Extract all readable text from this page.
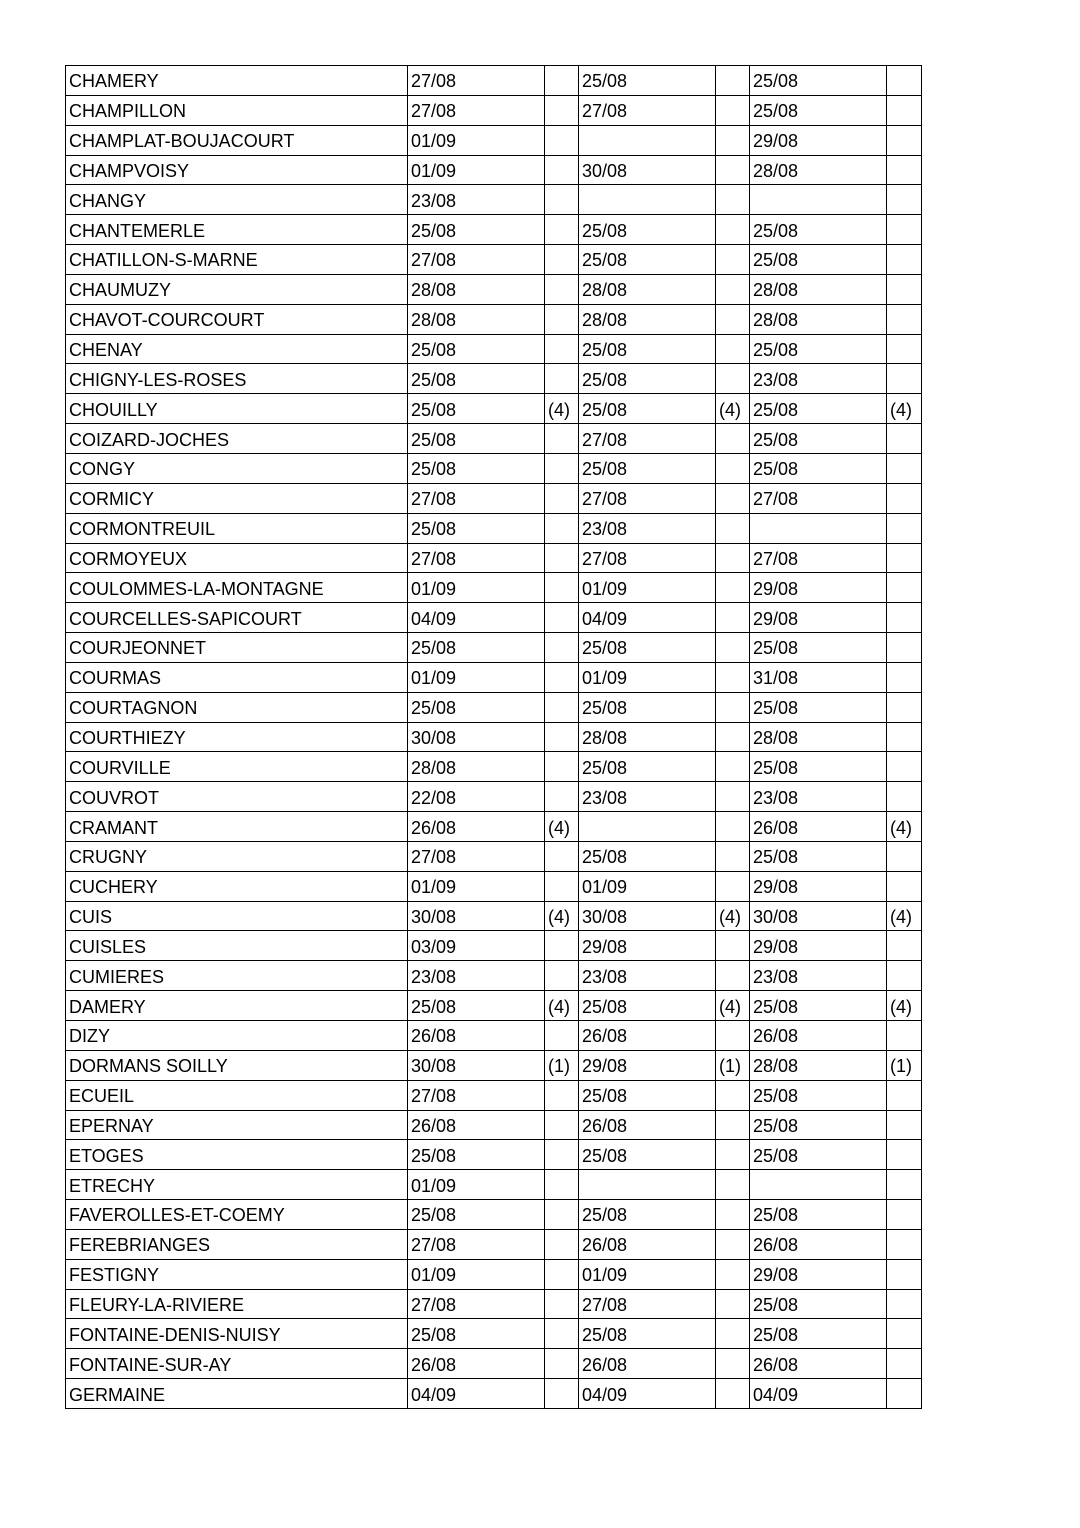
CHAMERY	27/08		25/08		25/08	
CHAMPILLON	27/08		27/08		25/08	
CHAMPLAT-BOUJACOURT	01/09				29/08	
CHAMPVOISY	01/09		30/08		28/08	
CHANGY	23/08					
CHANTEMERLE	25/08		25/08		25/08	
CHATILLON-S-MARNE	27/08		25/08		25/08	
CHAUMUZY	28/08		28/08		28/08	
CHAVOT-COURCOURT	28/08		28/08		28/08	
CHENAY	25/08		25/08		25/08	
CHIGNY-LES-ROSES	25/08		25/08		23/08	
CHOUILLY	25/08	(4)	25/08	(4)	25/08	(4)
COIZARD-JOCHES	25/08		27/08		25/08	
CONGY	25/08		25/08		25/08	
CORMICY	27/08		27/08		27/08	
CORMONTREUIL	25/08		23/08			
CORMOYEUX	27/08		27/08		27/08	
COULOMMES-LA-MONTAGNE	01/09		01/09		29/08	
COURCELLES-SAPICOURT	04/09		04/09		29/08	
COURJEONNET	25/08		25/08		25/08	
COURMAS	01/09		01/09		31/08	
COURTAGNON	25/08		25/08		25/08	
COURTHIEZY	30/08		28/08		28/08	
COURVILLE	28/08		25/08		25/08	
COUVROT	22/08		23/08		23/08	
CRAMANT	26/08	(4)			26/08	(4)
CRUGNY	27/08		25/08		25/08	
CUCHERY	01/09		01/09		29/08	
CUIS	30/08	(4)	30/08	(4)	30/08	(4)
CUISLES	03/09		29/08		29/08	
CUMIERES	23/08		23/08		23/08	
DAMERY	25/08	(4)	25/08	(4)	25/08	(4)
DIZY	26/08		26/08		26/08	
DORMANS SOILLY	30/08	(1)	29/08	(1)	28/08	(1)
ECUEIL	27/08		25/08		25/08	
EPERNAY	26/08		26/08		25/08	
ETOGES	25/08		25/08		25/08	
ETRECHY	01/09					
FAVEROLLES-ET-COEMY	25/08		25/08		25/08	
FEREBRIANGES	27/08		26/08		26/08	
FESTIGNY	01/09		01/09		29/08	
FLEURY-LA-RIVIERE	27/08		27/08		25/08	
FONTAINE-DENIS-NUISY	25/08		25/08		25/08	
FONTAINE-SUR-AY	26/08		26/08		26/08	
GERMAINE	04/09		04/09		04/09	
